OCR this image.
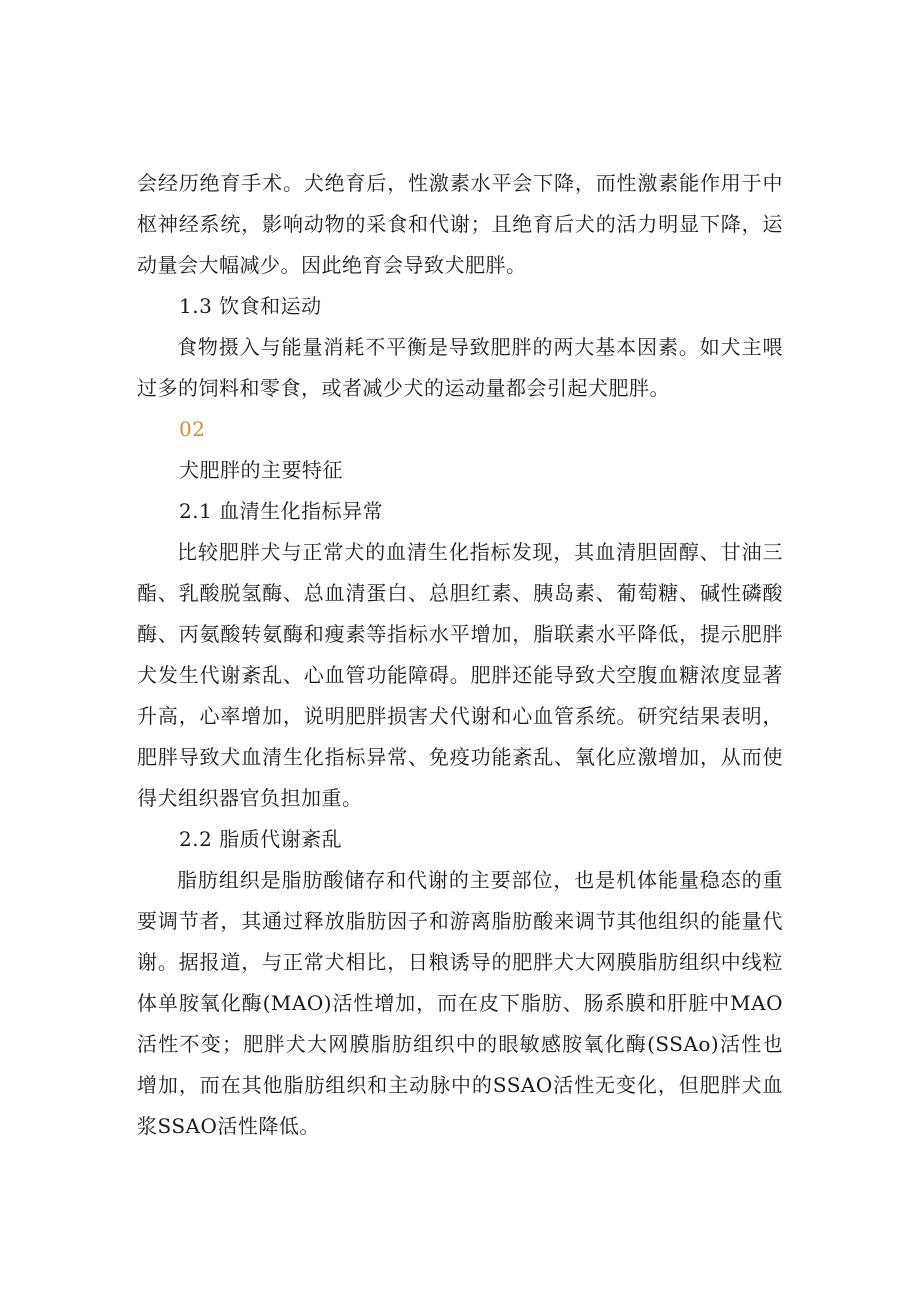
会经历绝育手术。犬绝育后，性激素水平会下降，而性激素能作用于中枢神经系统，影响动物的采食和代谢；且绝育后犬的活力明显下降，运动量会大幅减少。因此绝育会导致犬肥胖。

1.3 饮食和运动

食物摄入与能量消耗不平衡是导致肥胖的两大基本因素。如犬主喂过多的饲料和零食，或者减少犬的运动量都会引起犬肥胖。

02

犬肥胖的主要特征

2.1 血清生化指标异常

比较肥胖犬与正常犬的血清生化指标发现，其血清胆固醇、甘油三酯、乳酸脱氢酶、总血清蛋白、总胆红素、胰岛素、葡萄糖、碱性磷酸酶、丙氨酸转氨酶和瘦素等指标水平增加，脂联素水平降低，提示肥胖犬发生代谢紊乱、心血管功能障碍。肥胖还能导致犬空腹血糖浓度显著升高，心率增加，说明肥胖损害犬代谢和心血管系统。研究结果表明，肥胖导致犬血清生化指标异常、免疫功能紊乱、氧化应激增加，从而使得犬组织器官负担加重。

2.2 脂质代谢紊乱

脂肪组织是脂肪酸储存和代谢的主要部位，也是机体能量稳态的重要调节者，其通过释放脂肪因子和游离脂肪酸来调节其他组织的能量代谢。据报道，与正常犬相比，日粮诱导的肥胖犬大网膜脂肪组织中线粒体单胺氧化酶(MAO)活性增加，而在皮下脂肪、肠系膜和肝脏中MAO活性不变；肥胖犬大网膜脂肪组织中的眼敏感胺氧化酶(SSAo)活性也增加，而在其他脂肪组织和主动脉中的SSAO活性无变化，但肥胖犬血浆SSAO活性降低。
